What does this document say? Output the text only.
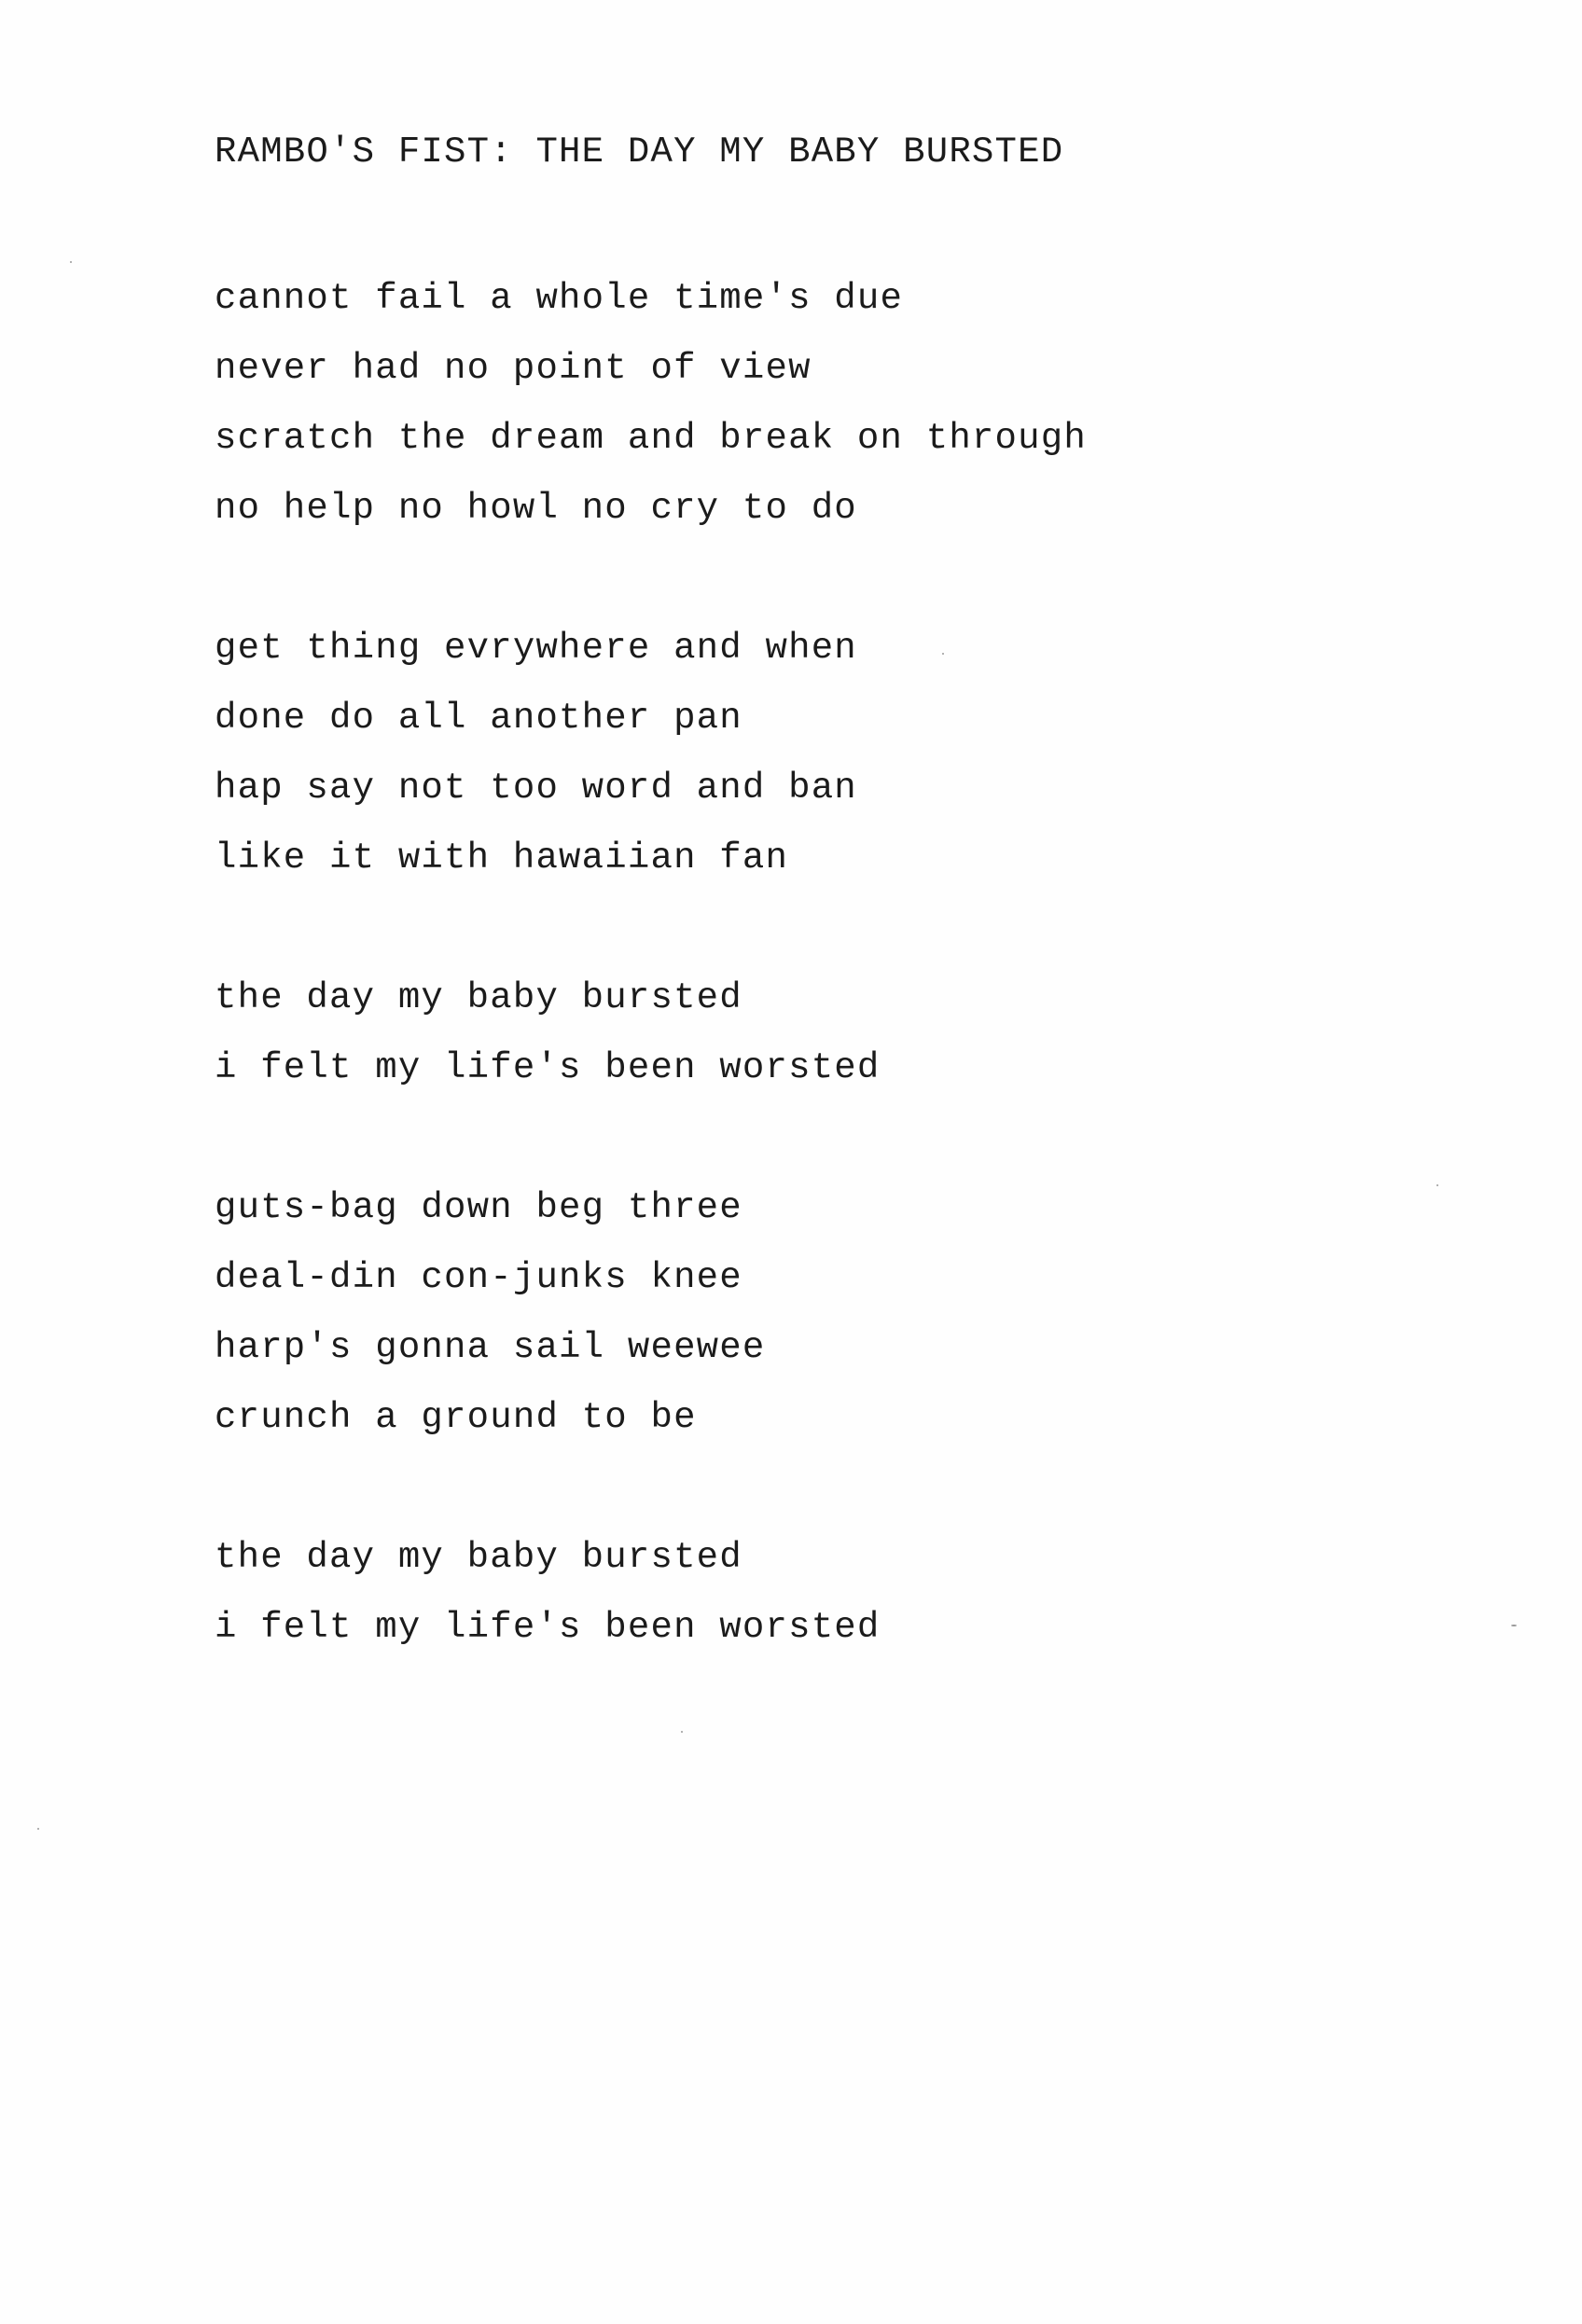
RAMBO'S FIST: THE DAY MY BABY BURSTED
cannot fail a whole time's due
never had no point of view
scratch the dream and break on through
no help no howl no cry to do
get thing evrywhere and when
done do all another pan
hap say not too word and ban
like it with hawaiian fan
the day my baby bursted
i felt my life's been worsted
guts-bag down beg three
deal-din con-junks knee
harp's gonna sail weewee
crunch a ground to be
the day my baby bursted
i felt my life's been worsted
